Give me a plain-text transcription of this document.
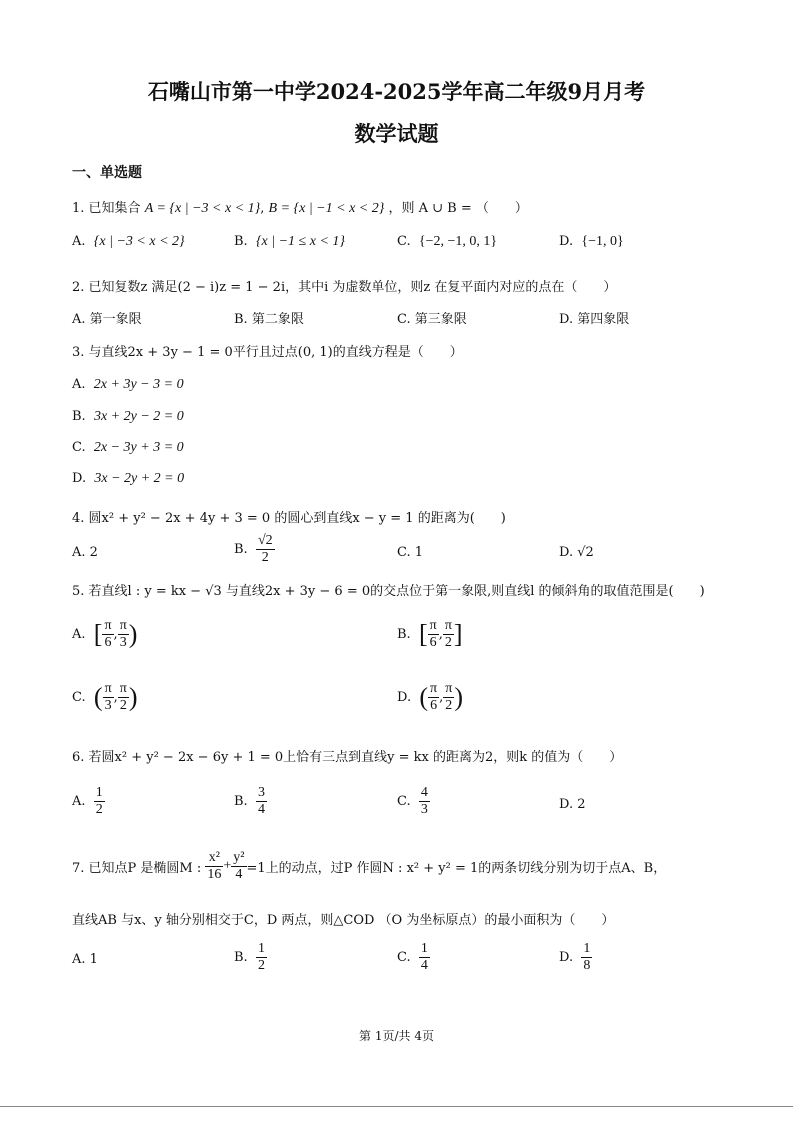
石嘴山市第一中学2024-2025学年高二年级9月月考
数学试题
一、单选题
1. 已知集合 A = {x | −3 < x < 1}, B = {x | −1 < x < 2} ，则 A ∪ B = （　　）
A. {x | −3 < x < 2}	B. {x | −1 ≤ x < 1}	C. {−2, −1, 0, 1}	D. {−1, 0}
2. 已知复数z 满足(2 − i)z = 1 − 2i，其中i 为虚数单位，则z 在复平面内对应的点在（　　）
A. 第一象限	B. 第二象限	C. 第三象限	D. 第四象限
3. 与直线2x + 3y − 1 = 0平行且过点(0, 1)的直线方程是（　　）
A. 2x + 3y − 3 = 0
B. 3x + 2y − 2 = 0
C. 2x − 3y + 3 = 0
D. 3x − 2y + 2 = 0
4. 圆x² + y² − 2x + 4y + 3 = 0 的圆心到直线x − y = 1 的距离为(　　)
A. 2	B. $\frac{√2}{2}$	C. 1	D. √2
5. 若直线l : y = kx − √3 与直线2x + 3y − 6 = 0的交点位于第一象限,则直线l 的倾斜角的取值范围是(　　)
A. [ $\frac{\pi}{6}$ , $\frac{\pi}{3}$ )	B. [ $\frac{\pi}{6}$ , $\frac{\pi}{2}$ ]
C. ( $\frac{\pi}{3}$ , $\frac{\pi}{2}$ )	D. ( $\frac{\pi}{6}$ , $\frac{\pi}{2}$ )
6. 若圆x² + y² − 2x − 6y + 1 = 0上恰有三点到直线y = kx 的距离为2，则k 的值为（　　）
A. $\frac{1}{2}$	B. $\frac{3}{4}$	C. $\frac{4}{3}$	D. 2
7. 已知点P 是椭圆M : $\frac{\text{x²}}{16} + \frac{\text{y²}}{4} =1$上的动点，过P 作圆N : x² + y² = 1的两条切线分别为切于点A、B，
直线AB 与x、y 轴分别相交于C，D 两点，则△COD （O 为坐标原点）的最小面积为（　　）
A. 1	B. $\frac{1}{2}$	C. $\frac{1}{4}$	D. $\frac{1}{8}$
第 1页/共 4页
